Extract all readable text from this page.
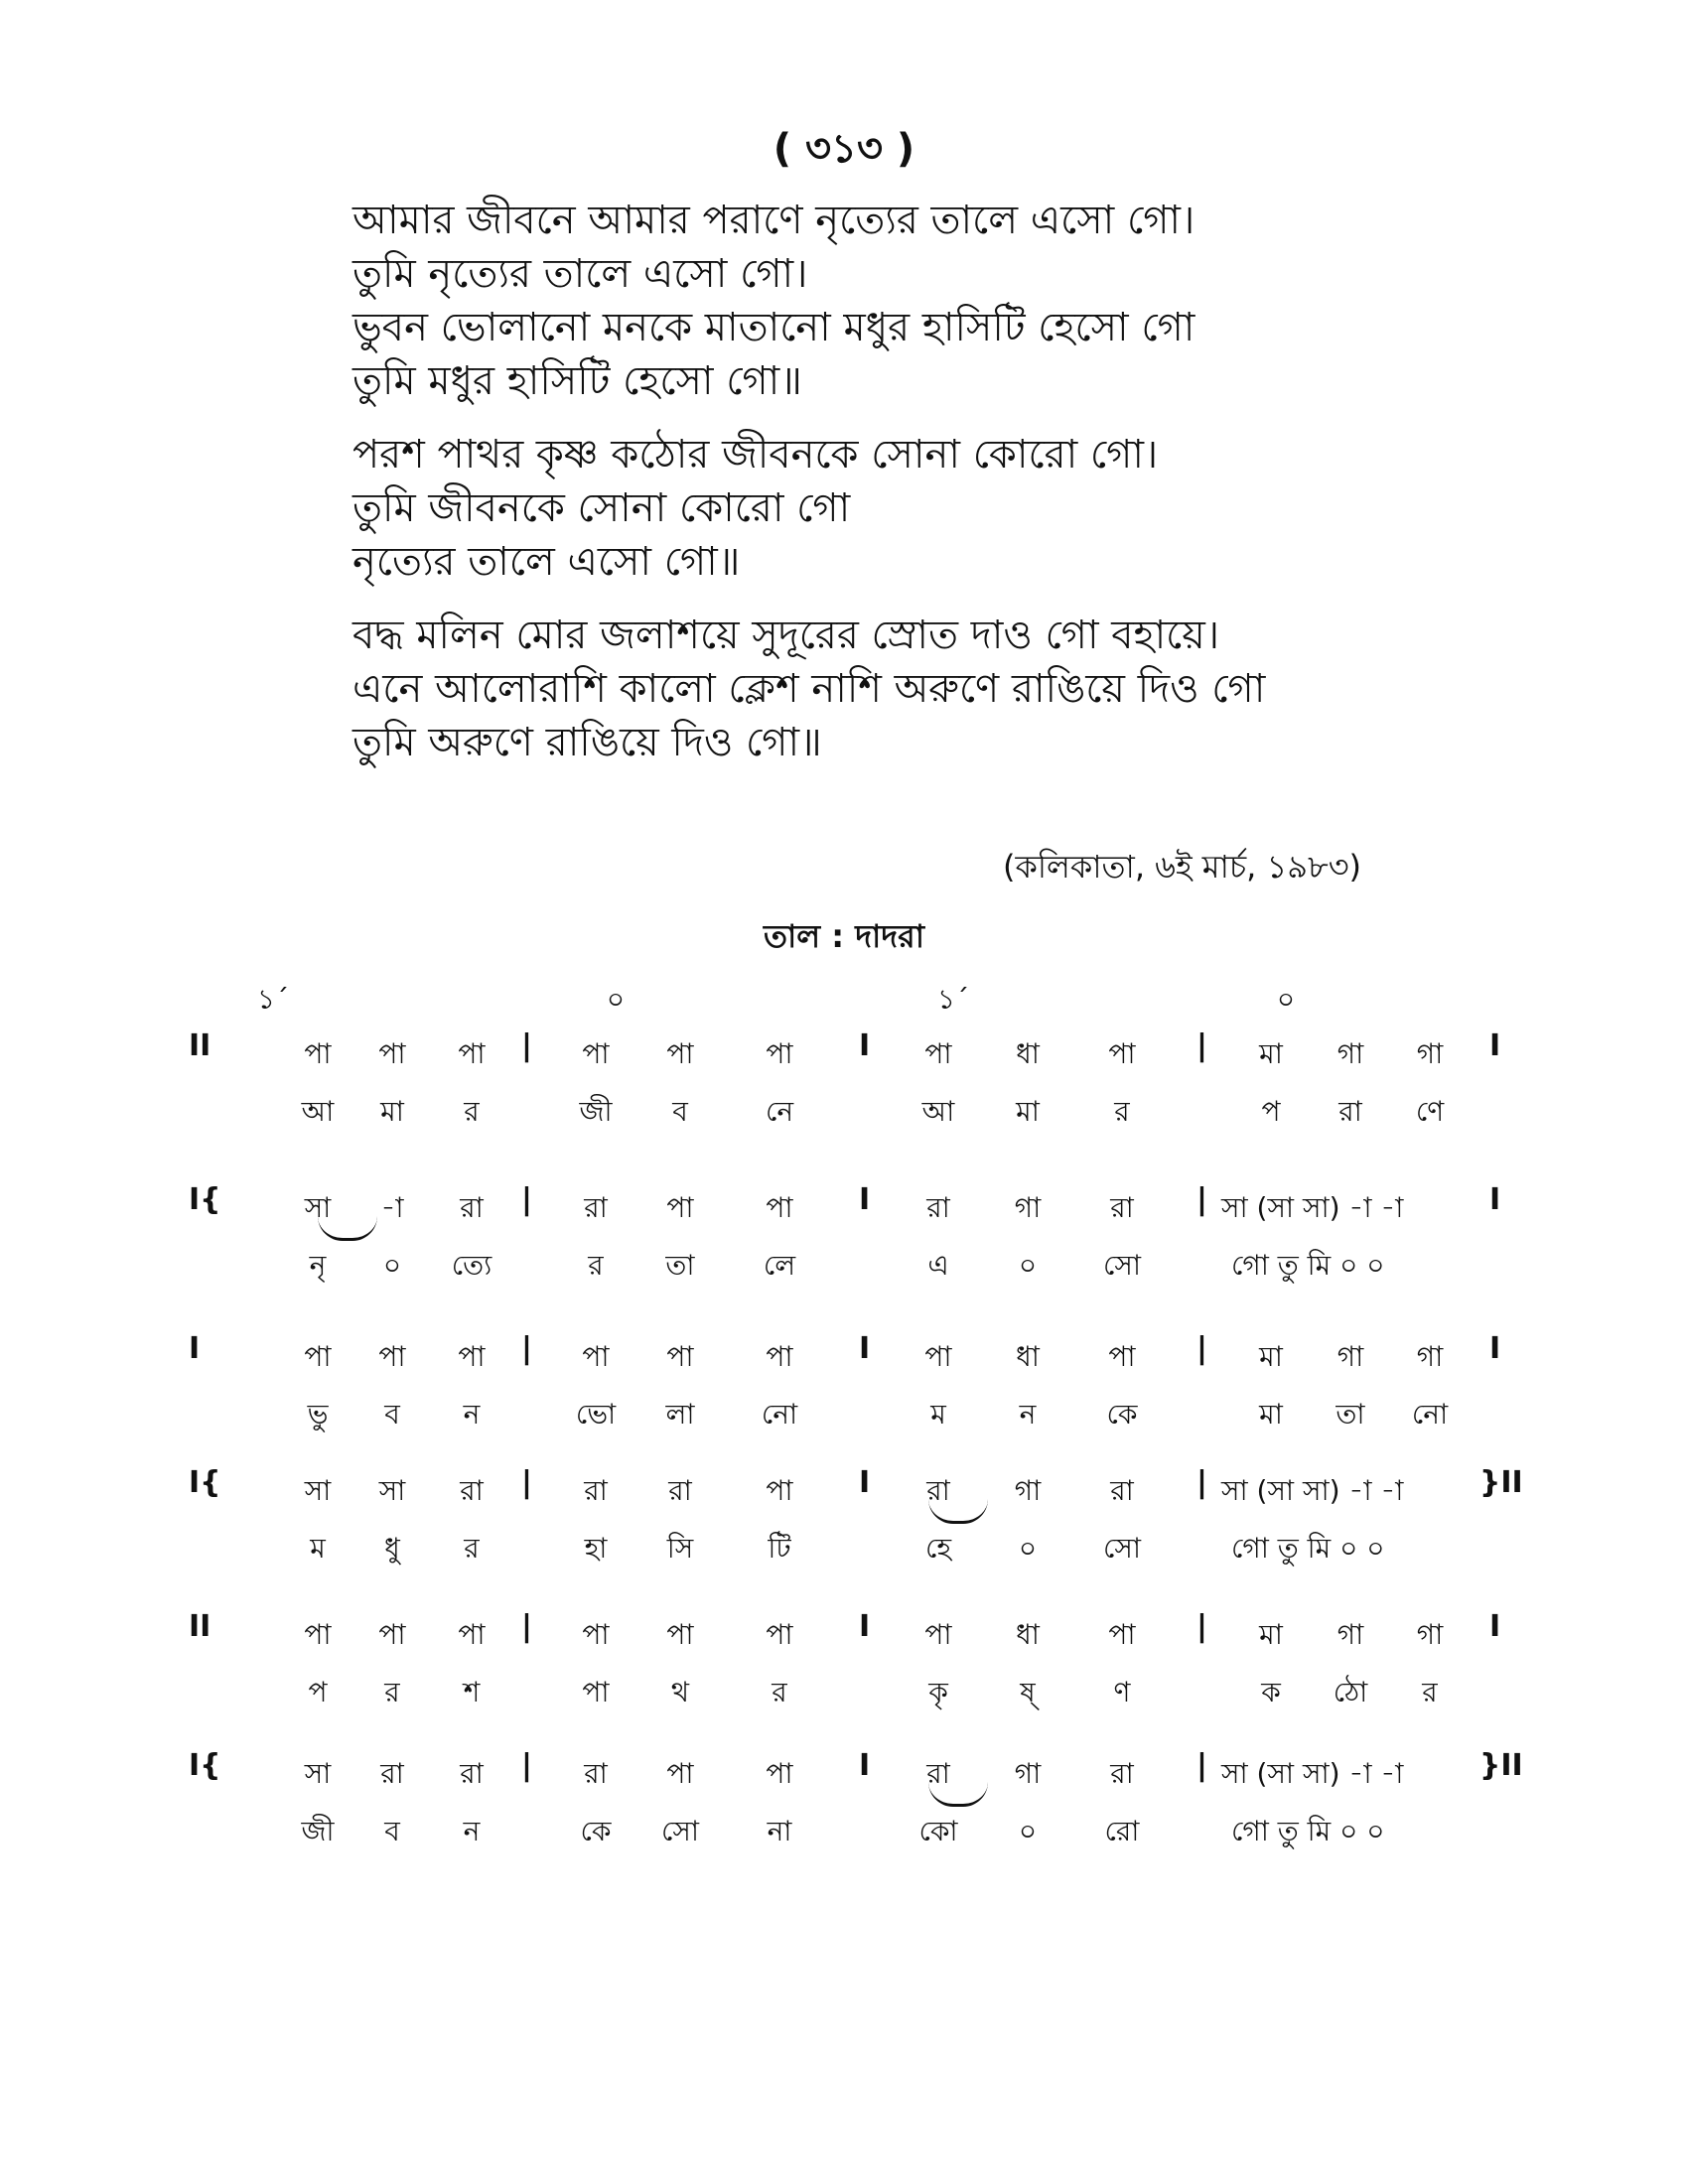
( ৩১৩ )
আমার জীবনে আমার পরাণে নৃত্যের তালে এসো গো।
তুমি নৃত্যের তালে এসো গো।
ভুবন ভোলানো মনকে মাতানো মধুর হাসিটি হেসো গো
তুমি মধুর হাসিটি হেসো গো॥
পরশ পাথর কৃষ্ণ কঠোর জীবনকে সোনা কোরো গো।
তুমি জীবনকে সোনা কোরো গো
নৃত্যের তালে এসো গো॥
বদ্ধ মলিন মোর জলাশয়ে সুদূরের স্রোত দাও গো বহায়ে।
এনে আলোরাশি কালো ক্লেশ নাশি অরুণে রাঙিয়ে দিও গো
তুমি অরুণে রাঙিয়ে দিও গো॥
(কলিকাতা, ৬ই মার্চ, ১৯৮৩)
তাল : দাদরা
১´	০	১´	০
II	|	I	|	I
পা	পা	পা	পা	পা	পা	পা	ধা	পা	মা	গা	গা
আ	মা	র	জী	ব	নে	আ	মা	র	প	রা	ণে
I{	|	I	|	I
সা	-া	রা	রা	পা	পা	রা	গা	রা	সা (সা সা) -া -া
নৃ	০	ত্যে	র	তা	লে	এ	০	সো	গো তু মি ০ ০
I	|	I	|	I
পা	পা	পা	পা	পা	পা	পা	ধা	পা	মা	গা	গা
ভু	ব	ন	ভো	লা	নো	ম	ন	কে	মা	তা	নো
I{	|	I	|	}II
সা	সা	রা	রা	রা	পা	রা	গা	রা	সা (সা সা) -া -া
ম	ধু	র	হা	সি	টি	হে	০	সো	গো তু মি ০ ০
II	|	I	|	I
পা	পা	পা	পা	পা	পা	পা	ধা	পা	মা	গা	গা
প	র	শ	পা	থ	র	কৃ	ষ্	ণ	ক	ঠো	র
I{	|	I	|	}II
সা	রা	রা	রা	পা	পা	রা	গা	রা	সা (সা সা) -া -া
জী	ব	ন	কে	সো	না	কো	০	রো	গো তু মি ০ ০
